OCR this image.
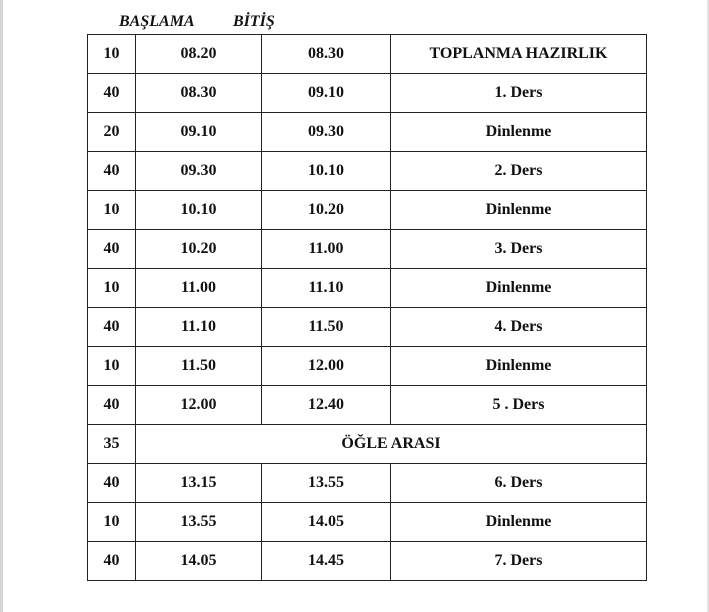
BAŞLAMA BİTİŞ
10	08.20	08.30	TOPLANMA HAZIRLIK
40	08.30	09.10	1. Ders
20	09.10	09.30	Dinlenme
40	09.30	10.10	2. Ders
10	10.10	10.20	Dinlenme
40	10.20	11.00	3. Ders
10	11.00	11.10	Dinlenme
40	11.10	11.50	4. Ders
10	11.50	12.00	Dinlenme
40	12.00	12.40	5 . Ders
35	ÖĞLE ARASI		
40	13.15	13.55	6. Ders
10	13.55	14.05	Dinlenme
40	14.05	14.45	7. Ders
